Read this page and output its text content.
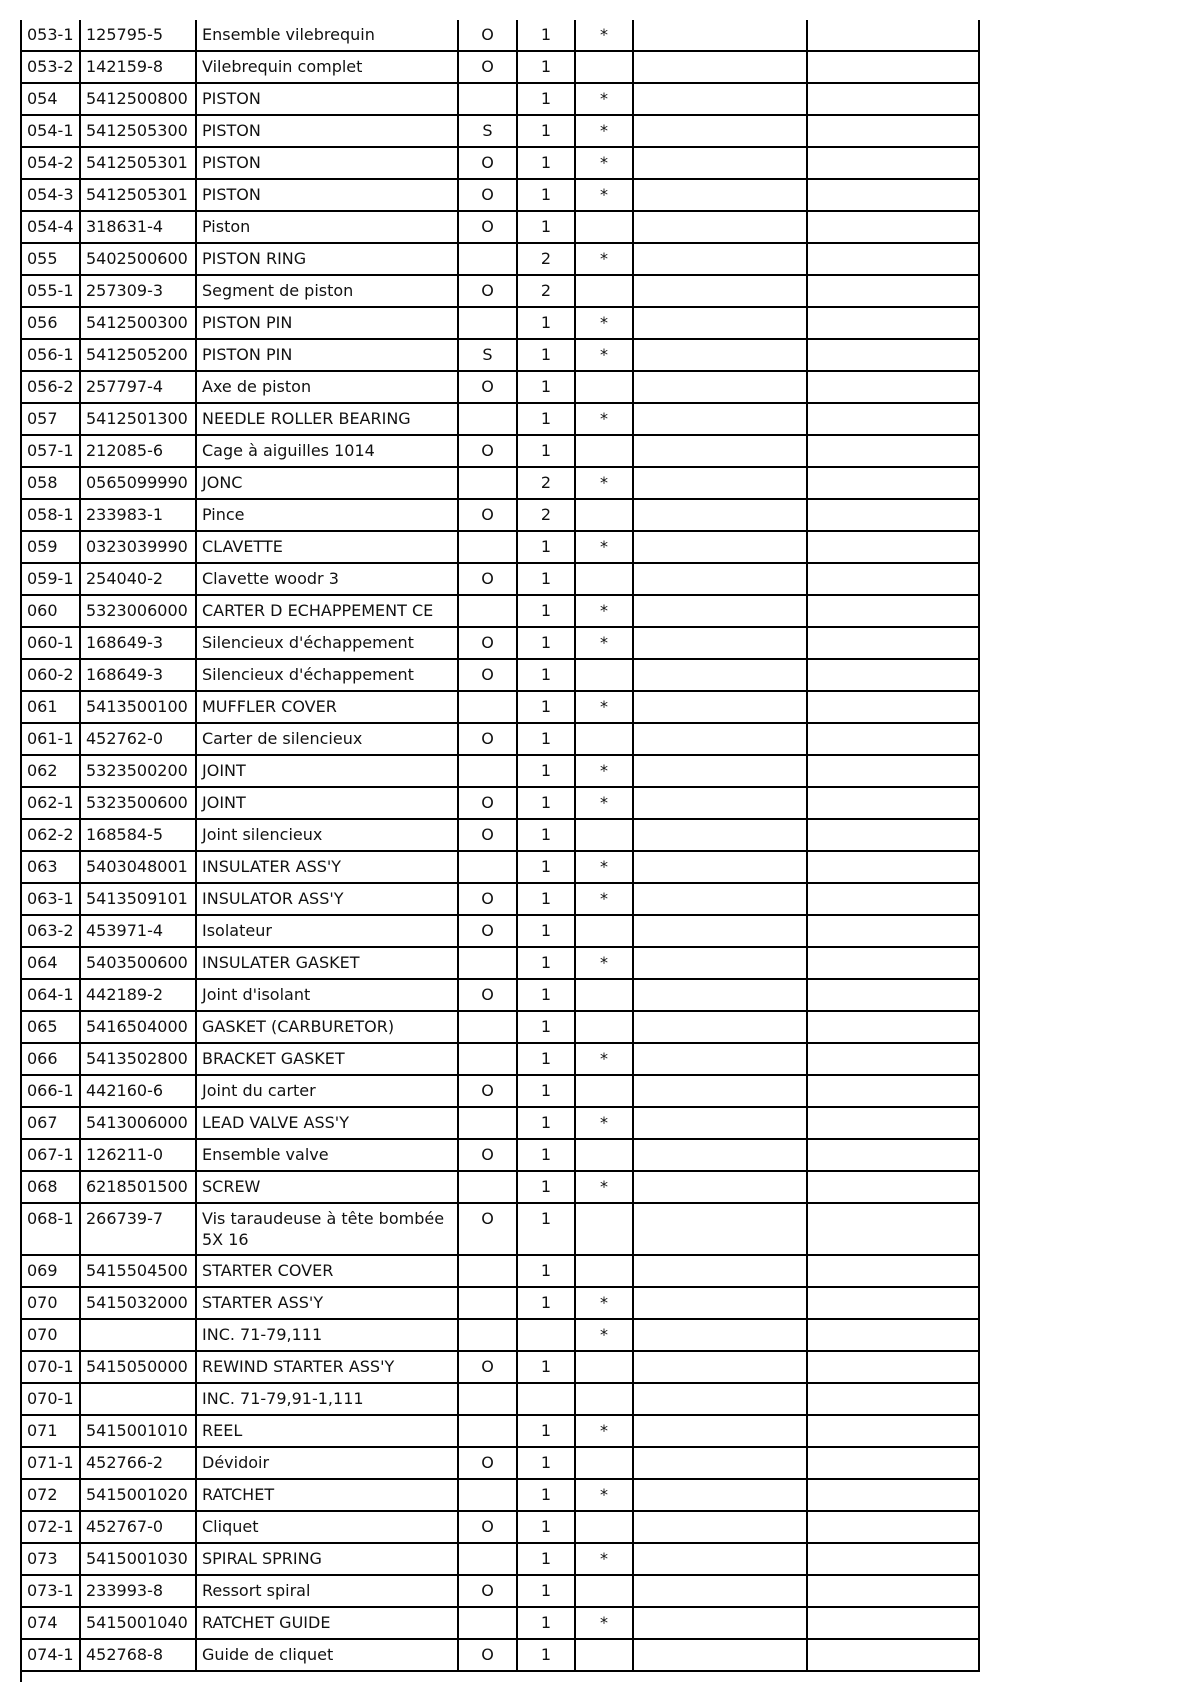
053-1	125795-5	Ensemble vilebrequin	O	1	*		
053-2	142159-8	Vilebrequin complet	O	1			
054	5412500800	PISTON		1	*		
054-1	5412505300	PISTON	S	1	*		
054-2	5412505301	PISTON	O	1	*		
054-3	5412505301	PISTON	O	1	*		
054-4	318631-4	Piston	O	1			
055	5402500600	PISTON RING		2	*		
055-1	257309-3	Segment de piston	O	2			
056	5412500300	PISTON PIN		1	*		
056-1	5412505200	PISTON PIN	S	1	*		
056-2	257797-4	Axe de piston	O	1			
057	5412501300	NEEDLE ROLLER BEARING		1	*		
057-1	212085-6	Cage à aiguilles 1014	O	1			
058	0565099990	JONC		2	*		
058-1	233983-1	Pince	O	2			
059	0323039990	CLAVETTE		1	*		
059-1	254040-2	Clavette woodr 3	O	1			
060	5323006000	CARTER D ECHAPPEMENT CE		1	*		
060-1	168649-3	Silencieux d'échappement	O	1	*		
060-2	168649-3	Silencieux d'échappement	O	1			
061	5413500100	MUFFLER COVER		1	*		
061-1	452762-0	Carter de silencieux	O	1			
062	5323500200	JOINT		1	*		
062-1	5323500600	JOINT	O	1	*		
062-2	168584-5	Joint silencieux	O	1			
063	5403048001	INSULATER ASS'Y		1	*		
063-1	5413509101	INSULATOR ASS'Y	O	1	*		
063-2	453971-4	Isolateur	O	1			
064	5403500600	INSULATER GASKET		1	*		
064-1	442189-2	Joint d'isolant	O	1			
065	5416504000	GASKET (CARBURETOR)		1			
066	5413502800	BRACKET GASKET		1	*		
066-1	442160-6	Joint du carter	O	1			
067	5413006000	LEAD VALVE ASS'Y		1	*		
067-1	126211-0	Ensemble valve	O	1			
068	6218501500	SCREW		1	*		
068-1	266739-7	Vis taraudeuse à tête bombée 5X 16	O	1			
069	5415504500	STARTER COVER		1			
070	5415032000	STARTER ASS'Y		1	*		
070		INC. 71-79,111			*		
070-1	5415050000	REWIND STARTER ASS'Y	O	1			
070-1		INC. 71-79,91-1,111					
071	5415001010	REEL		1	*		
071-1	452766-2	Dévidoir	O	1			
072	5415001020	RATCHET		1	*		
072-1	452767-0	Cliquet	O	1			
073	5415001030	SPIRAL SPRING		1	*		
073-1	233993-8	Ressort spiral	O	1			
074	5415001040	RATCHET GUIDE		1	*		
074-1	452768-8	Guide de cliquet	O	1			
